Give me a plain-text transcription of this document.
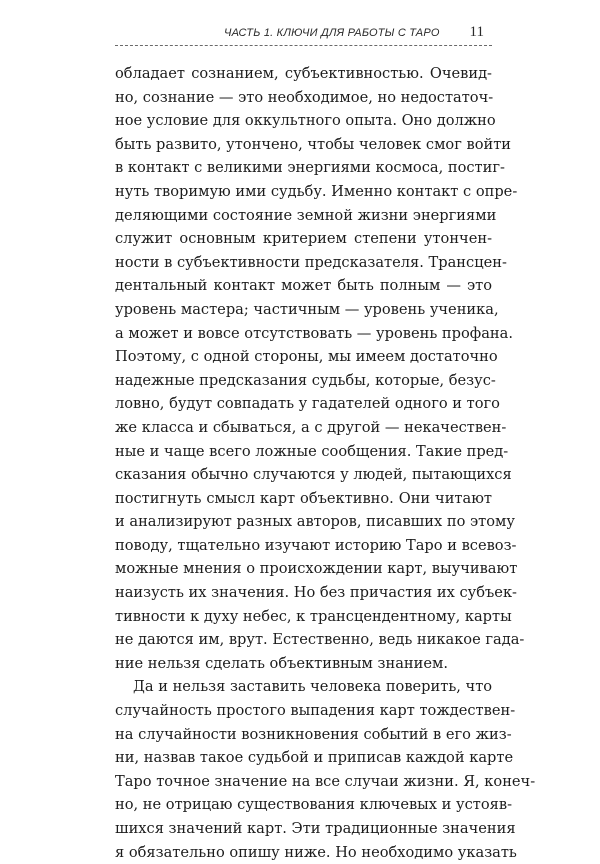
ЧАСТЬ 1. КЛЮЧИ ДЛЯ РАБОТЫ С ТАРО 11
обладает сознанием, субъективностью. Очевид-
но, сознание — это необходимое, но недостаточ-
ное условие для оккультного опыта. Оно должно
быть развито, утончено, чтобы человек смог войти
в контакт с великими энергиями космоса, постиг-
нуть творимую ими судьбу. Именно контакт с опре-
деляющими состояние земной жизни энергиями
служит основным критерием степени утончен-
ности в субъективности предсказателя. Трансцен-
дентальный контакт может быть полным — это
уровень мастера; частичным — уровень ученика,
а может и вовсе отсутствовать — уровень профана.
Поэтому, с одной стороны, мы имеем достаточно
надежные предсказания судьбы, которые, безус-
ловно, будут совпадать у гадателей одного и того
же класса и сбываться, а с другой — некачествен-
ные и чаще всего ложные сообщения. Такие пред-
сказания обычно случаются у людей, пытающихся
постигнуть смысл карт объективно. Они читают
и анализируют разных авторов, писавших по этому
поводу, тщательно изучают историю Таро и всевоз-
можные мнения о происхождении карт, выучивают
наизусть их значения. Но без причастия их субъек-
тивности к духу небес, к трансцендентному, карты
не даются им, врут. Естественно, ведь никакое гада-
ние нельзя сделать объективным знанием.
Да и нельзя заставить человека поверить, что
случайность простого выпадения карт тождествен-
на случайности возникновения событий в его жиз-
ни, назвав такое судьбой и приписав каждой карте
Таро точное значение на все случаи жизни. Я, конеч-
но, не отрицаю существования ключевых и устояв-
шихся значений карт. Эти традиционные значения
я обязательно опишу ниже. Но необходимо указать
